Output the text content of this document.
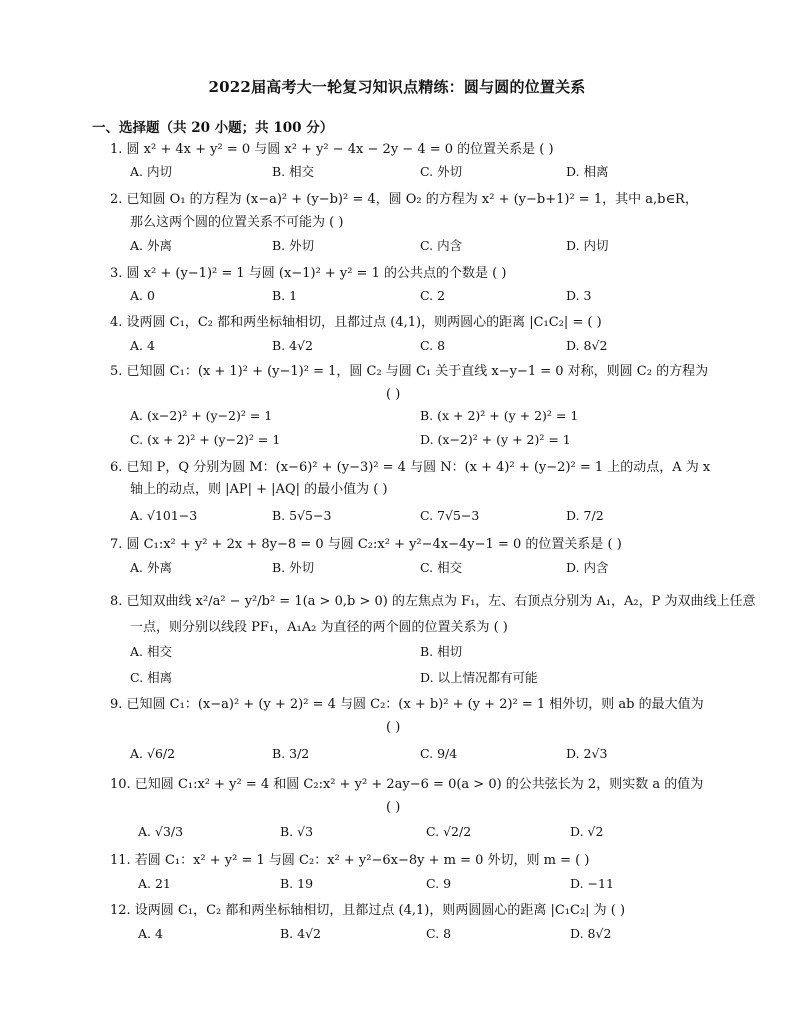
2022届高考大一轮复习知识点精练：圆与圆的位置关系
一、选择题（共 20 小题；共 100 分）
1. 圆 x² + 4x + y² = 0 与圆 x² + y² − 4x − 2y − 4 = 0 的位置关系是 ( )
A. 内切	B. 相交	C. 外切	D. 相离
2. 已知圆 O₁ 的方程为 (x−a)² + (y−b)² = 4，圆 O₂ 的方程为 x² + (y−b+1)² = 1，其中 a,b∈R，
那么这两个圆的位置关系不可能为 ( )
A. 外离	B. 外切	C. 内含	D. 内切
3. 圆 x² + (y−1)² = 1 与圆 (x−1)² + y² = 1 的公共点的个数是 ( )
A. 0	B. 1	C. 2	D. 3
4. 设两圆 C₁，C₂ 都和两坐标轴相切，且都过点 (4,1)，则两圆心的距离 |C₁C₂| = ( )
A. 4	B. 4√2	C. 8	D. 8√2
5. 已知圆 C₁：(x + 1)² + (y−1)² = 1，圆 C₂ 与圆 C₁ 关于直线 x−y−1 = 0 对称，则圆 C₂ 的方程为
( )
A. (x−2)² + (y−2)² = 1	B. (x + 2)² + (y + 2)² = 1
C. (x + 2)² + (y−2)² = 1	D. (x−2)² + (y + 2)² = 1
6. 已知 P，Q 分别为圆 M：(x−6)² + (y−3)² = 4 与圆 N：(x + 4)² + (y−2)² = 1 上的动点，A 为 x
轴上的动点，则 |AP| + |AQ| 的最小值为 ( )
A. √101−3	B. 5√5−3	C. 7√5−3	D. 7/2
7. 圆 C₁:x² + y² + 2x + 8y−8 = 0 与圆 C₂:x² + y²−4x−4y−1 = 0 的位置关系是 ( )
A. 外离	B. 外切	C. 相交	D. 内含
8. 已知双曲线 x²/a² − y²/b² = 1(a > 0,b > 0) 的左焦点为 F₁，左、右顶点分别为 A₁，A₂，P 为双曲线上任意
一点，则分别以线段 PF₁，A₁A₂ 为直径的两个圆的位置关系为 ( )
A. 相交	B. 相切
C. 相离	D. 以上情况都有可能
9. 已知圆 C₁：(x−a)² + (y + 2)² = 4 与圆 C₂：(x + b)² + (y + 2)² = 1 相外切，则 ab 的最大值为
( )
A. √6/2	B. 3/2	C. 9/4	D. 2√3
10. 已知圆 C₁:x² + y² = 4 和圆 C₂:x² + y² + 2ay−6 = 0(a > 0) 的公共弦长为 2，则实数 a 的值为
( )
A. √3/3	B. √3	C. √2/2	D. √2
11. 若圆 C₁：x² + y² = 1 与圆 C₂：x² + y²−6x−8y + m = 0 外切，则 m = ( )
A. 21	B. 19	C. 9	D. −11
12. 设两圆 C₁，C₂ 都和两坐标轴相切，且都过点 (4,1)，则两圆圆心的距离 |C₁C₂| 为 ( )
A. 4	B. 4√2	C. 8	D. 8√2
